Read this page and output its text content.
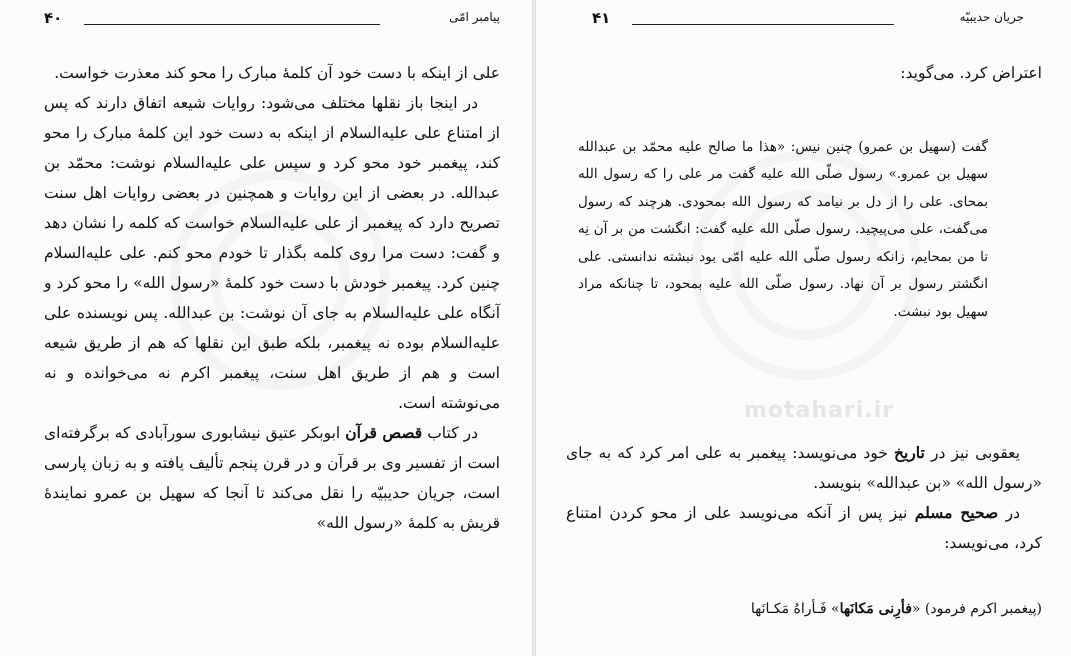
۴۰	پیامبر امّی

علی از اینکه با دست خود آن کلمهٔ مبارک را محو کند معذرت خواست.

در اینجا باز نقلها مختلف می‌شود: روایات شیعه اتفاق دارند که پس از امتناع علی علیه‌السلام از اینکه به دست خود این کلمهٔ مبارک را محو کند، پیغمبر خود محو کرد و سپس علی علیه‌السلام نوشت: محمّد بن عبدالله. در بعضی از این روایات و همچنین در بعضی روایات اهل سنت تصریح دارد که پیغمبر از علی علیه‌السلام خواست که کلمه را نشان دهد و گفت: دست مرا روی کلمه بگذار تا خودم محو کنم. علی علیه‌السلام چنین کرد. پیغمبر خودش با دست خود کلمهٔ «رسول الله» را محو کرد و آنگاه علی علیه‌السلام به جای آن نوشت: بن عبدالله. پس نویسنده علی علیه‌السلام بوده نه پیغمبر، بلکه طبق این نقلها که هم از طریق شیعه است و هم از طریق اهل سنت، پیغمبر اکرم نه می‌خوانده و نه می‌نوشته است.

در کتاب قصص قرآن ابوبکر عتیق نیشابوری سورآبادی که برگرفته‌ای است از تفسیر وی بر قرآن و در قرن پنجم تألیف یافته و به زبان پارسی است، جریان حدیبیّه را نقل می‌کند تا آنجا که سهیل بن عمرو نمایندهٔ قریش به کلمهٔ «رسول الله»

motahari.ir
۴۱	جریان حدیبیّه

اعتراض کرد. می‌گوید:

گفت (سهیل بن عمرو) چنین نیس: «هذا ما صالح علیه محمّد بن عبدالله سهیل بن عمرو.» رسول صلّی الله علیه گفت مر علی را که رسول الله بمحای. علی را از دل بر نیامد که رسول الله بمحودی. هرچند که رسول می‌گفت، علی می‌پیچید. رسول صلّی الله علیه گفت: انگشت من بر آن نِه تا من بمحایم، زانکه رسول صلّی الله علیه امّی بود نبشته ندانستی. علی انگشتر رسول بر آن نهاد. رسول صلّی الله علیه بمحود، تا چنانکه مراد سهیل بود نبشت.

یعقوبی نیز در تاریخ خود می‌نویسد: پیغمبر به علی امر کرد که به جای «رسول الله» «بن عبدالله» بنویسد.

در صحیح مسلم نیز پس از آنکه می‌نویسد علی از محو کردن امتناع کرد، می‌نویسد:

(پیغمبر اکرم فرمود) «فأرِنی مَکانَها» فَـأراهُ مَکـانَها
